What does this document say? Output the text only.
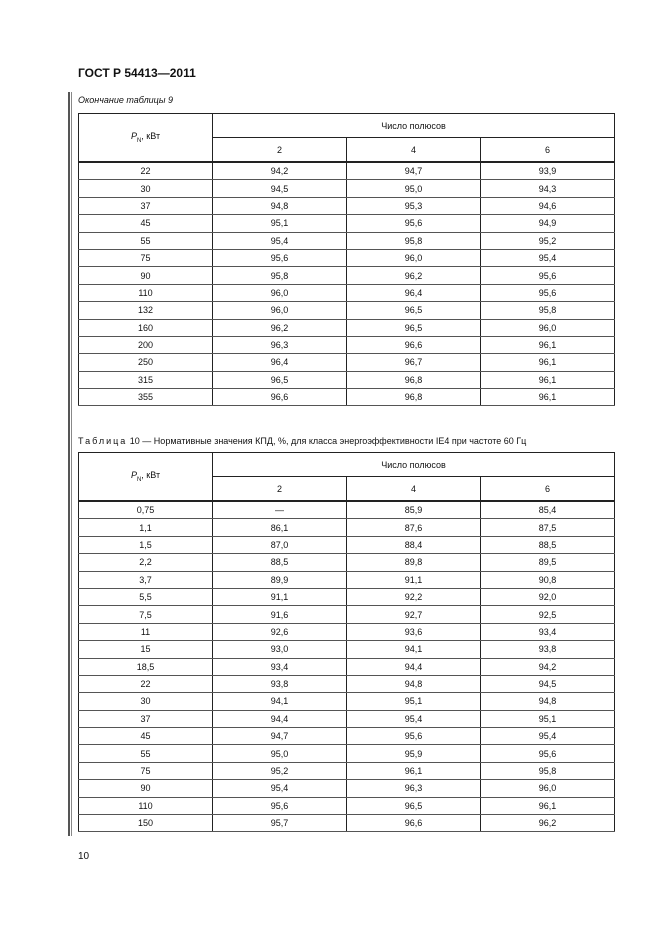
ГОСТ Р 54413—2011
Окончание таблицы 9
$P_N$, кВт	Число полюсов		
	2	4	6
22	94,2	94,7	93,9
30	94,5	95,0	94,3
37	94,8	95,3	94,6
45	95,1	95,6	94,9
55	95,4	95,8	95,2
75	95,6	96,0	95,4
90	95,8	96,2	95,6
110	96,0	96,4	95,6
132	96,0	96,5	95,8
160	96,2	96,5	96,0
200	96,3	96,6	96,1
250	96,4	96,7	96,1
315	96,5	96,8	96,1
355	96,6	96,8	96,1
Таблица 10 — Нормативные значения КПД, %, для класса энергоэффективности IE4 при частоте 60 Гц
$P_N$, кВт	Число полюсов		
	2	4	6
0,75	—	85,9	85,4
1,1	86,1	87,6	87,5
1,5	87,0	88,4	88,5
2,2	88,5	89,8	89,5
3,7	89,9	91,1	90,8
5,5	91,1	92,2	92,0
7,5	91,6	92,7	92,5
11	92,6	93,6	93,4
15	93,0	94,1	93,8
18,5	93,4	94,4	94,2
22	93,8	94,8	94,5
30	94,1	95,1	94,8
37	94,4	95,4	95,1
45	94,7	95,6	95,4
55	95,0	95,9	95,6
75	95,2	96,1	95,8
90	95,4	96,3	96,0
110	95,6	96,5	96,1
150	95,7	96,6	96,2
10
